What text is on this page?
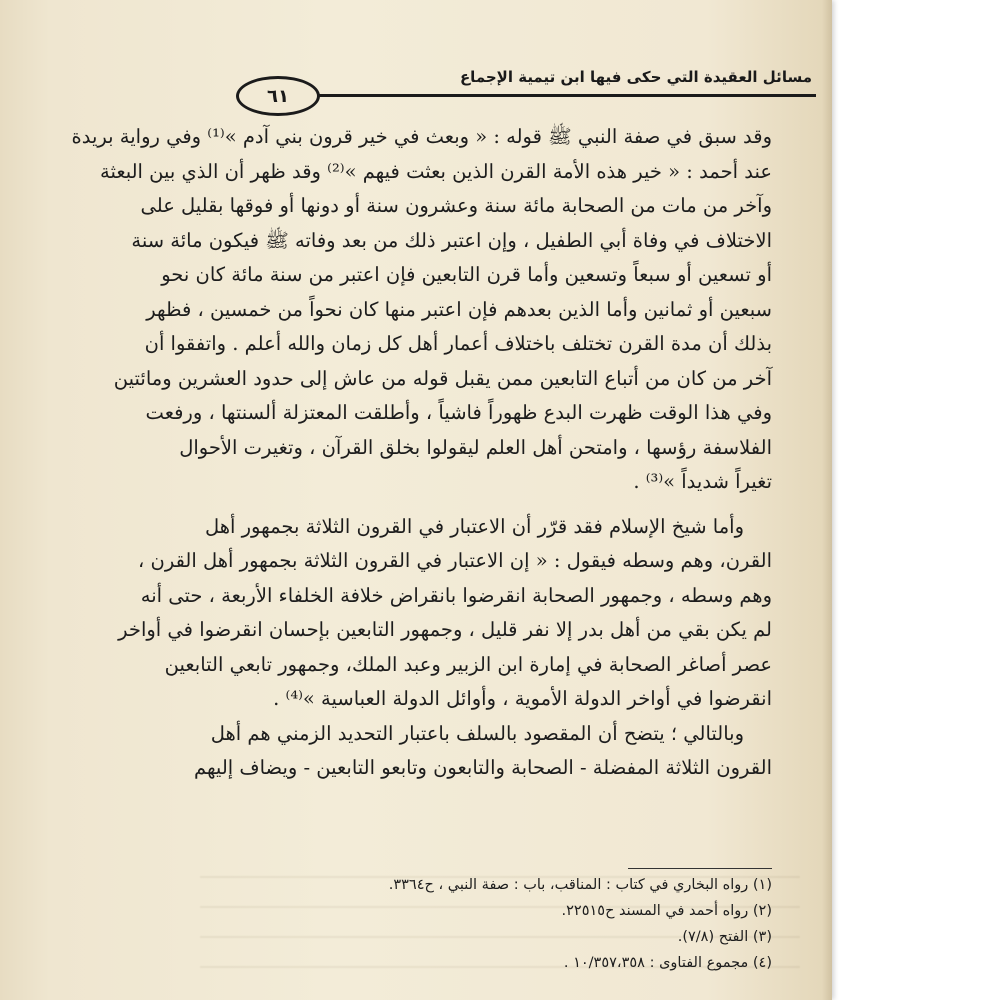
مسائل العقيدة التي حكى فيها ابن تيمية الإجماع
٦١
وقد سبق في صفة النبي ﷺ قوله : « وبعث في خير قرون بني آدم »⁽¹⁾ وفي رواية بريدة
عند أحمد : « خير هذه الأمة القرن الذين بعثت فيهم »⁽²⁾ وقد ظهر أن الذي بين البعثة
وآخر من مات من الصحابة مائة سنة وعشرون سنة أو دونها أو فوقها بقليل على
الاختلاف في وفاة أبي الطفيل ، وإن اعتبر ذلك من بعد وفاته ﷺ فيكون مائة سنة
أو تسعين أو سبعاً وتسعين وأما قرن التابعين فإن اعتبر من سنة مائة كان نحو
سبعين أو ثمانين وأما الذين بعدهم فإن اعتبر منها كان نحواً من خمسين ، فظهر
بذلك أن مدة القرن تختلف باختلاف أعمار أهل كل زمان والله أعلم . واتفقوا أن
آخر من كان من أتباع التابعين ممن يقبل قوله من عاش إلى حدود العشرين ومائتين
وفي هذا الوقت ظهرت البدع ظهوراً فاشياً ، وأطلقت المعتزلة ألسنتها ، ورفعت
الفلاسفة رؤسها ، وامتحن أهل العلم ليقولوا بخلق القرآن ، وتغيرت الأحوال
تغيراً شديداً »⁽³⁾ .
وأما شيخ الإسلام فقد قرّر أن الاعتبار في القرون الثلاثة بجمهور أهل
القرن، وهم وسطه فيقول : « إن الاعتبار في القرون الثلاثة بجمهور أهل القرن ،
وهم وسطه ، وجمهور الصحابة انقرضوا بانقراض خلافة الخلفاء الأربعة ، حتى أنه
لم يكن بقي من أهل بدر إلا نفر قليل ، وجمهور التابعين بإحسان انقرضوا في أواخر
عصر أصاغر الصحابة في إمارة ابن الزبير وعبد الملك، وجمهور تابعي التابعين
انقرضوا في أواخر الدولة الأموية ، وأوائل الدولة العباسية »⁽⁴⁾ .
وبالتالي ؛ يتضح أن المقصود بالسلف باعتبار التحديد الزمني هم أهل
القرون الثلاثة المفضلة - الصحابة والتابعون وتابعو التابعين - ويضاف إليهم
(١) رواه البخاري في كتاب : المناقب، باب : صفة النبي ، ح٣٣٦٤.
(٢) رواه أحمد في المسند ح٢٢٥١٥.
(٣) الفتح (٧/٨).
(٤) مجموع الفتاوى : ١٠/٣٥٧،٣٥٨ .
